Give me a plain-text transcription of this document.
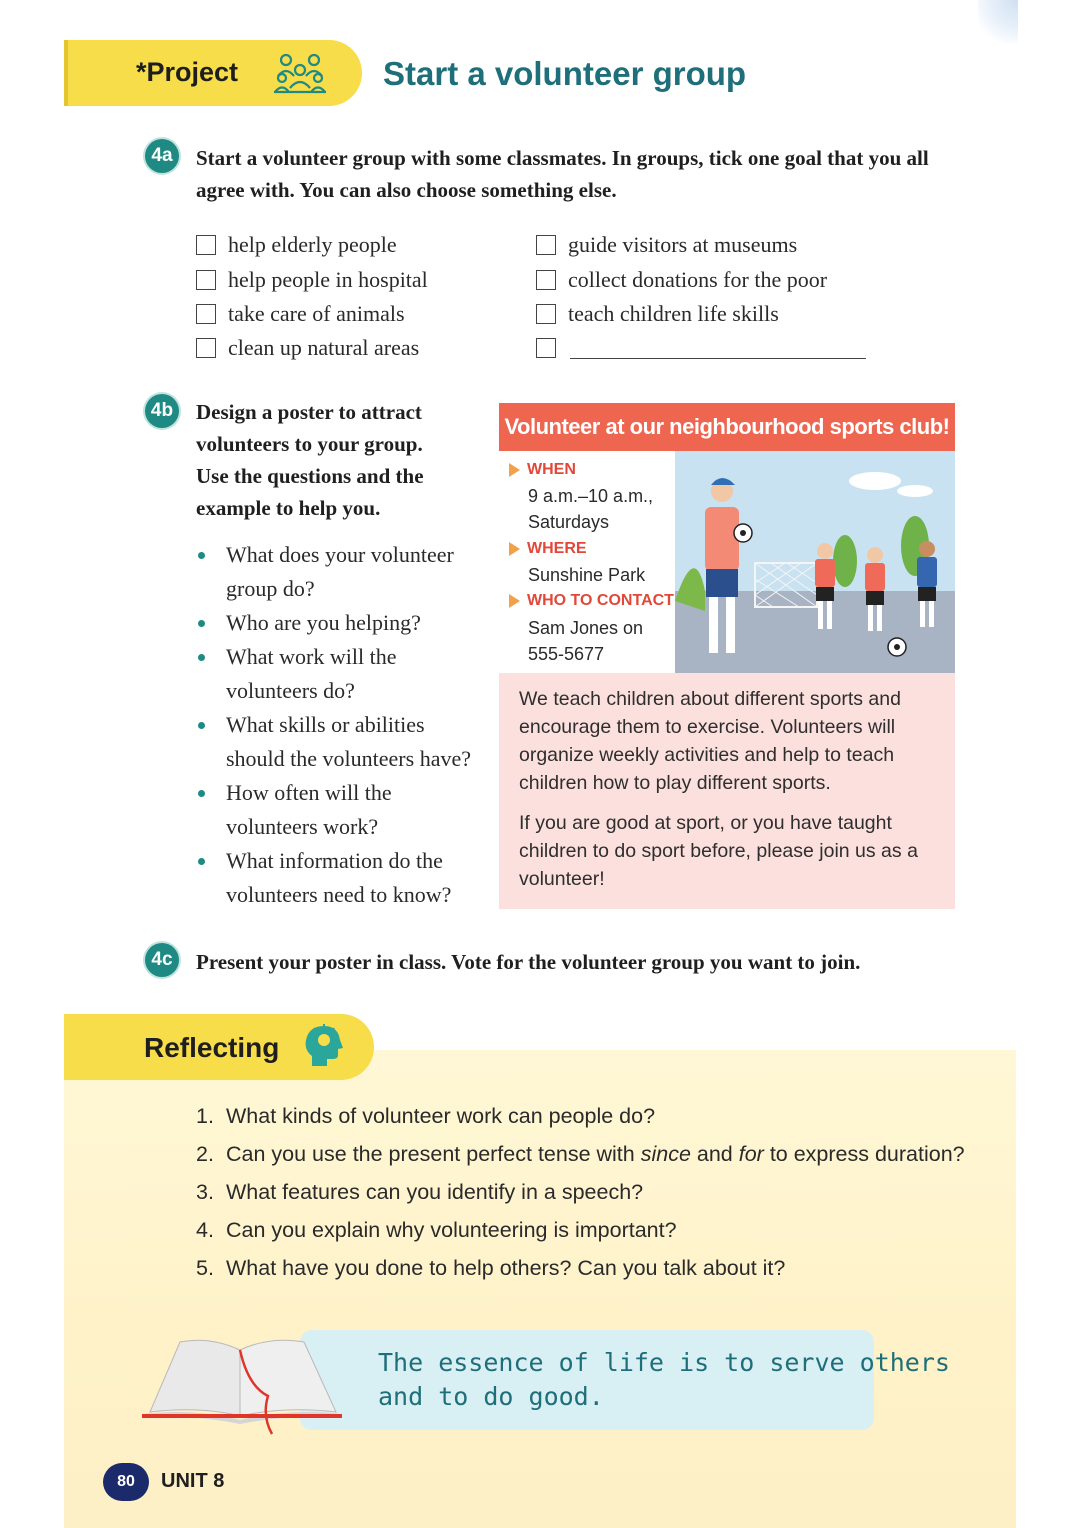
*Project	Start a volunteer group
4a	Start a volunteer group with some classmates. In groups, tick one goal that you all
agree with. You can also choose something else.
help elderly people
help people in hospital
take care of animals
clean up natural areas
guide visitors at museums
collect donations for the poor
teach children life skills
4b Design a poster to attract
volunteers to your group.
Use the questions and the
example to help you.
What does your volunteer
group do?
Who are you helping?
What work will the
volunteers do?
What skills or abilities
should the volunteers have?
How often will the
volunteers work?
What information do the
volunteers need to know?
Volunteer at our neighbourhood sports club!
WHEN
9 a.m.–10 a.m.,
Saturdays
WHERE
Sunshine Park
WHO TO CONTACT
Sam Jones on
555-5677
We teach children about different sports and encourage them to exercise. Volunteers will organize weekly activities and help to teach children how to play different sports.
If you are good at sport, or you have taught children to do sport before, please join us as a volunteer!
4c	Present your poster in class. Vote for the volunteer group you want to join.
Reflecting
1. What kinds of volunteer work can people do?
2. Can you use the present perfect tense with since and for to express duration?
3. What features can you identify in a speech?
4. Can you explain why volunteering is important?
5. What have you done to help others? Can you talk about it?
The essence of life is to serve others
and to do good.
80	UNIT 8
